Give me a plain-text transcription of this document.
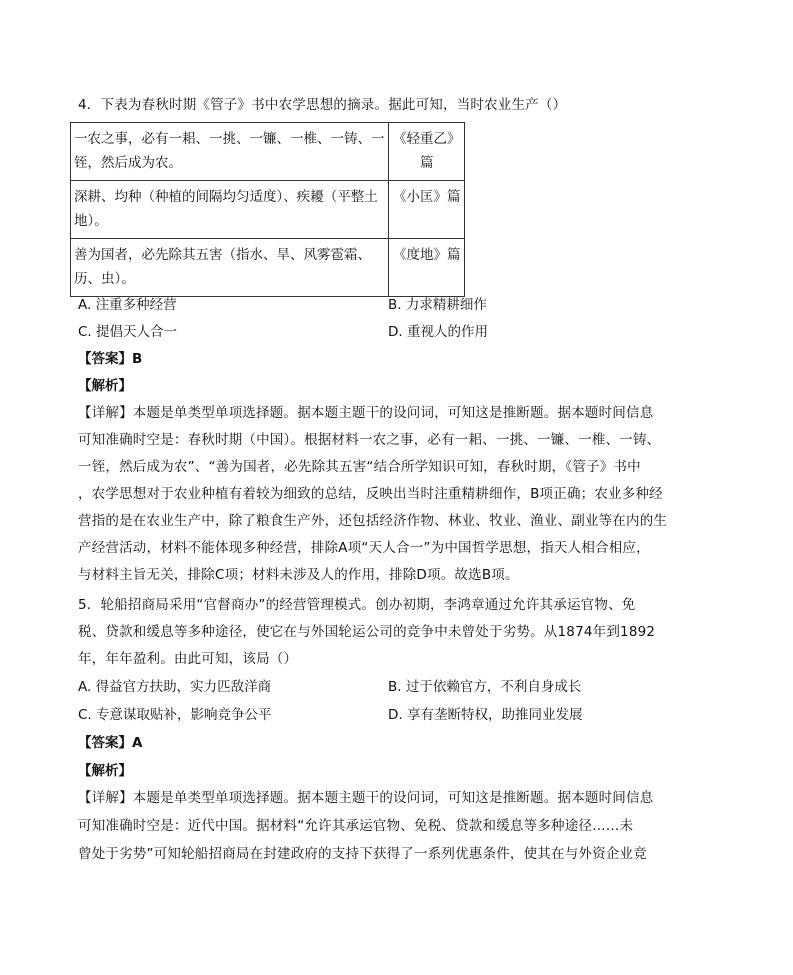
4．下表为春秋时期《管子》书中农学思想的摘录。据此可知，当时农业生产（）
一农之事，必有一耜、一挑、一镰、一椎、一铸、一铚，然后成为农。	《轻重乙》篇
深耕、均种（种植的间隔均匀适度）、疾耰（平整土地）。	《小匡》篇
善为国者，必先除其五害（指水、旱、风雾雹霜、历、虫）。	《度地》篇
A. 注重多种经营	B. 力求精耕细作
C. 提倡天人合一	D. 重视人的作用
【答案】B
【解析】
【详解】本题是单类型单项选择题。据本题主题干的设问词，可知这是推断题。据本题时间信息
可知准确时空是：春秋时期（中国）。根据材料一农之事，必有一耜、一挑、一镰、一椎、一铸、
一铚，然后成为农”、“善为国者，必先除其五害“结合所学知识可知，春秋时期，《管子》书中
，农学思想对于农业种植有着较为细致的总结，反映出当时注重精耕细作，B项正确；农业多种经
营指的是在农业生产中，除了粮食生产外，还包括经济作物、林业、牧业、渔业、副业等在内的生
产经营活动，材料不能体现多种经营，排除A项“天人合一”为中国哲学思想，指天人相合相应，
与材料主旨无关，排除C项；材料未涉及人的作用，排除D项。故选B项。
5．轮船招商局采用“官督商办”的经营管理模式。创办初期，李鸿章通过允许其承运官物、免
税、贷款和缓息等多种途径，使它在与外国轮运公司的竞争中未曾处于劣势。从1874年到1892
年，年年盈利。由此可知，该局（）
A. 得益官方扶助，实力匹敌洋商	B. 过于依赖官方，不利自身成长
C. 专意谋取贴补，影响竞争公平	D. 享有垄断特权，助推同业发展
【答案】A
【解析】
【详解】本题是单类型单项选择题。据本题主题干的设问词，可知这是推断题。据本题时间信息
可知准确时空是：近代中国。据材料“允许其承运官物、免税、贷款和缓息等多种途径……未
曾处于劣势”可知轮船招商局在封建政府的支持下获得了一系列优惠条件，使其在与外资企业竞
